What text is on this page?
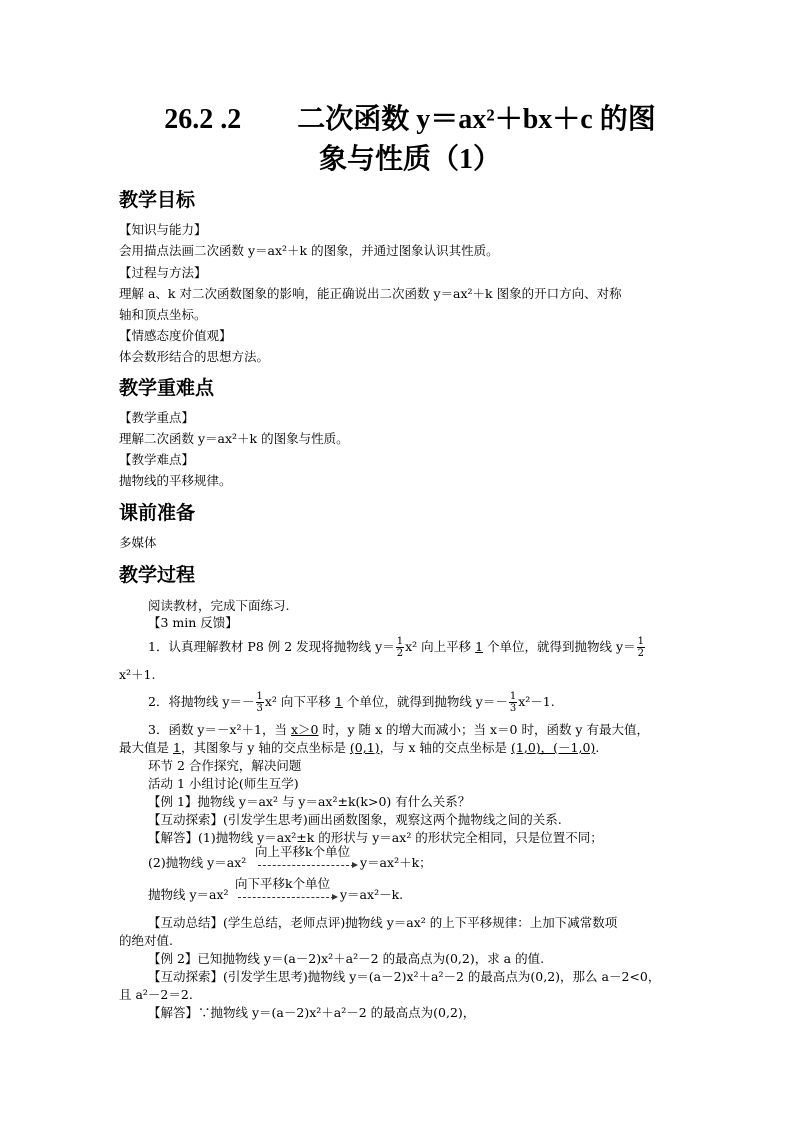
26.2 .2        二次函数 y＝ax²＋bx＋c 的图
象与性质（1）
教学目标
【知识与能力】
会用描点法画二次函数 y＝ax²＋k 的图象，并通过图象认识其性质。
【过程与方法】
理解 a、k 对二次函数图象的影响，能正确说出二次函数 y＝ax²＋k 图象的开口方向、对称
轴和顶点坐标。
【情感态度价值观】
体会数形结合的思想方法。
教学重难点
【教学重点】
理解二次函数 y＝ax²＋k 的图象与性质。
【教学难点】
抛物线的平移规律。
课前准备
多媒体
教学过程
阅读教材，完成下面练习.
【3 min 反馈】
1．认真理解教材 P8 例 2 发现将抛物线 $y= \frac{1}{2} x^2$ 向上平移 1 个单位，就得到抛物线 $y= \frac{1}{2}$
x²＋1.
2．将抛物线 $y=- \frac{1}{3} x^2$ 向下平移 1 个单位，就得到抛物线 $y=- \frac{1}{3} x^2-1$.
3．函数 y＝－x²＋1，当 x＞0 时，y 随 x 的增大而减小；当 x＝0 时，函数 y 有最大值，
最大值是 1，其图象与 y 轴的交点坐标是 (0,1)，与 x 轴的交点坐标是 (1,0)，(－1,0).
环节 2 合作探究，解决问题
活动 1 小组讨论(师生互学)
【例 1】抛物线 y＝ax² 与 y＝ax²±k(k>0) 有什么关系？
【互动探索】(引发学生思考)画出函数图象，观察这两个抛物线之间的关系.
【解答】(1)抛物线 y＝ax²±k 的形状与 y＝ax² 的形状完全相同，只是位置不同；
(2)抛物线 y＝ax²
向上平移k个单位
y＝ax²＋k；
抛物线 y＝ax²
向下平移k个单位
y＝ax²－k.
【互动总结】(学生总结，老师点评)抛物线 y＝ax² 的上下平移规律：上加下减常数项
的绝对值.
【例 2】已知抛物线 y＝(a－2)x²＋a²－2 的最高点为(0,2)，求 a 的值.
【互动探索】(引发学生思考)抛物线 y＝(a－2)x²＋a²－2 的最高点为(0,2)，那么 a－2<0，
且 a²－2＝2.
【解答】∵抛物线 y＝(a－2)x²＋a²－2 的最高点为(0,2)，
